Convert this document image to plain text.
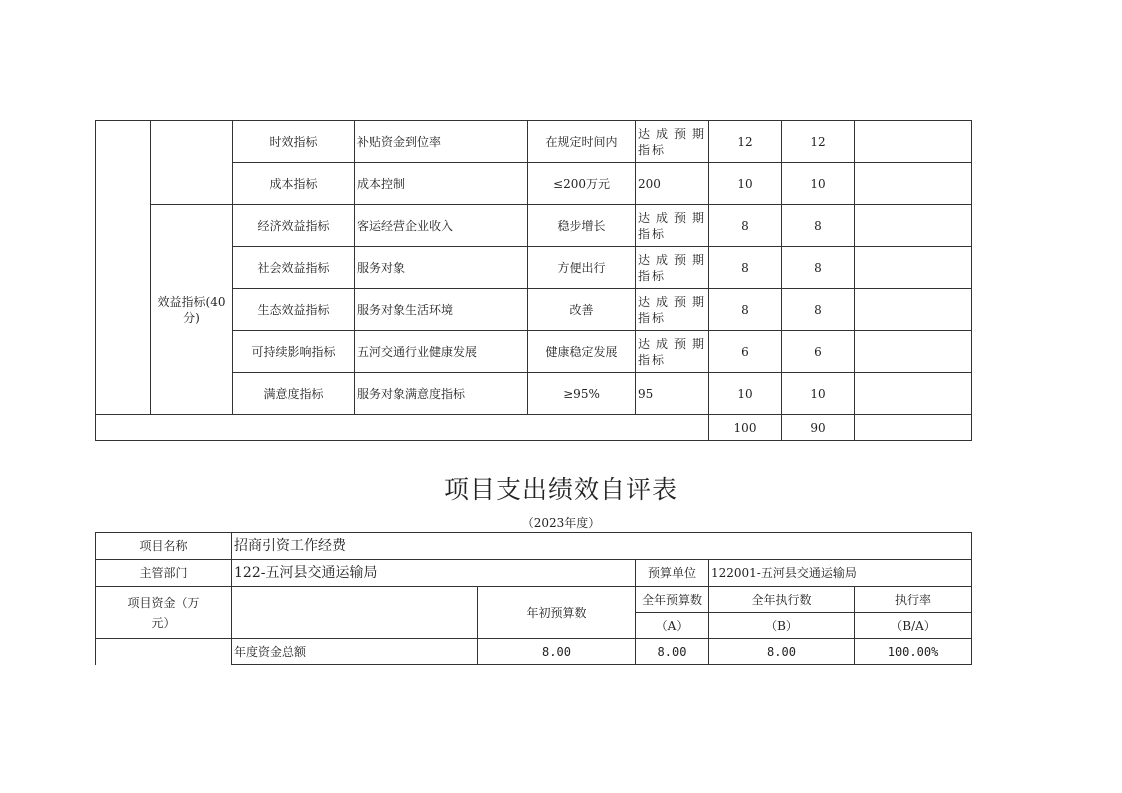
		时效指标	补贴资金到位率	在规定时间内	达成预期指标	12	12	
		成本指标	成本控制	≤200万元	200	10	10	
	效益指标(40分)	经济效益指标	客运经营企业收入	稳步增长	达成预期指标	8	8	
		社会效益指标	服务对象	方便出行	达成预期指标	8	8	
		生态效益指标	服务对象生活环境	改善	达成预期指标	8	8	
		可持续影响指标	五河交通行业健康发展	健康稳定发展	达成预期指标	6	6	
		满意度指标	服务对象满意度指标	≥95%	95	10	10	
						100	90	
项目支出绩效自评表
（2023年度）
项目名称	招商引资工作经费				
主管部门	122-五河县交通运输局		预算单位	122001-五河县交通运输局	
项目资金（万元）		年初预算数	全年预算数	全年执行数	执行率
			（A）	（B）	（B/A）
	年度资金总额	8.00	8.00	8.00	100.00%
